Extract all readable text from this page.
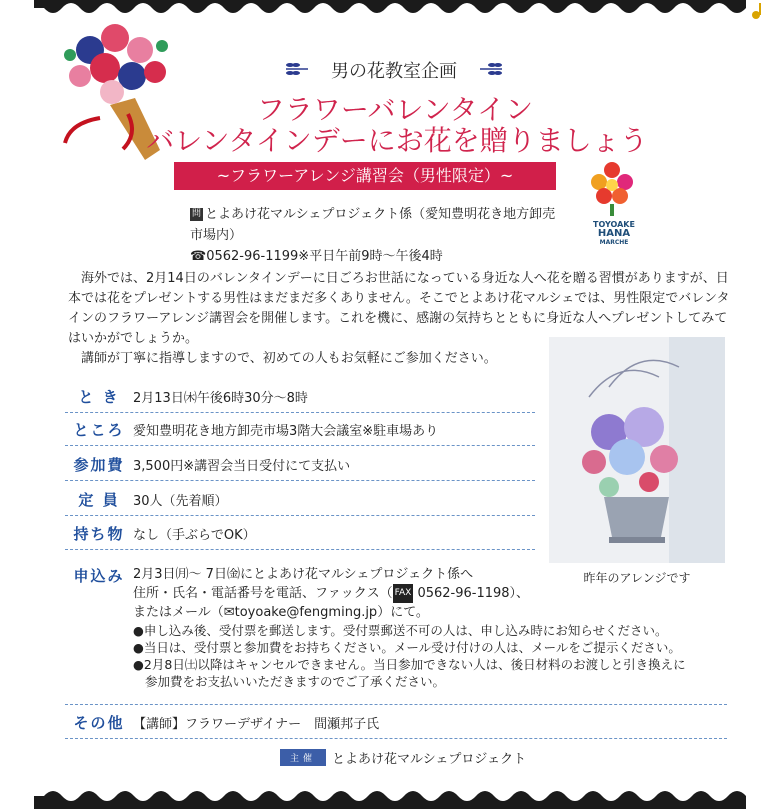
TOYOAKE
HANA
MARCHE
男の花教室企画
フラワーバレンタイン
バレンタインデーにお花を贈りましょう
~フラワーアレンジ講習会（男性限定）~
問 とよあけ花マルシェプロジェクト係（愛知豊明花き地方卸売市場内）
☎0562-96-1199※平日午前9時～午後4時

海外では、2月14日のバレンタインデーに日ごろお世話になっている身近な人へ花を贈る習慣がありますが、日本では花をプレゼントする男性はまだまだ多くありません。そこでとよあけ花マルシェでは、男性限定でバレンタインのフラワーアレンジ講習会を開催します。これを機に、感謝の気持ちとともに身近な人へプレゼントしてみてはいかがでしょうか。

講師が丁寧に指導しますので、初めての人もお気軽にご参加ください。

昨年のアレンジです
と き	2月13日㈭午後6時30分～8時
ところ 愛知豊明花き地方卸売市場3階大会議室※駐車場あり
参加費 3,500円※講習会当日受付にて支払い
定 員	30人（先着順）
持ち物 なし（手ぶらでOK）
申込み 2月3日㈪～ 7日㈮にとよあけ花マルシェプロジェクト係へ
住所・氏名・電話番号を電話、ファックス（ FAX 0562-96-1198）、
またはメール（✉toyoake@fengming.jp）にて。
●申し込み後、受付票を郵送します。受付票郵送不可の人は、申し込み時にお知らせください。
●当日は、受付票と参加費をお持ちください。メール受け付けの人は、メールをご提示ください。
●2月8日㈯以降はキャンセルできません。当日参加できない人は、後日材料のお渡しと引き換えに
参加費をお支払いいただきますのでご了承ください。
その他 【講師】フラワーデザイナー　間瀬邦子氏
主催	とよあけ花マルシェプロジェクト
